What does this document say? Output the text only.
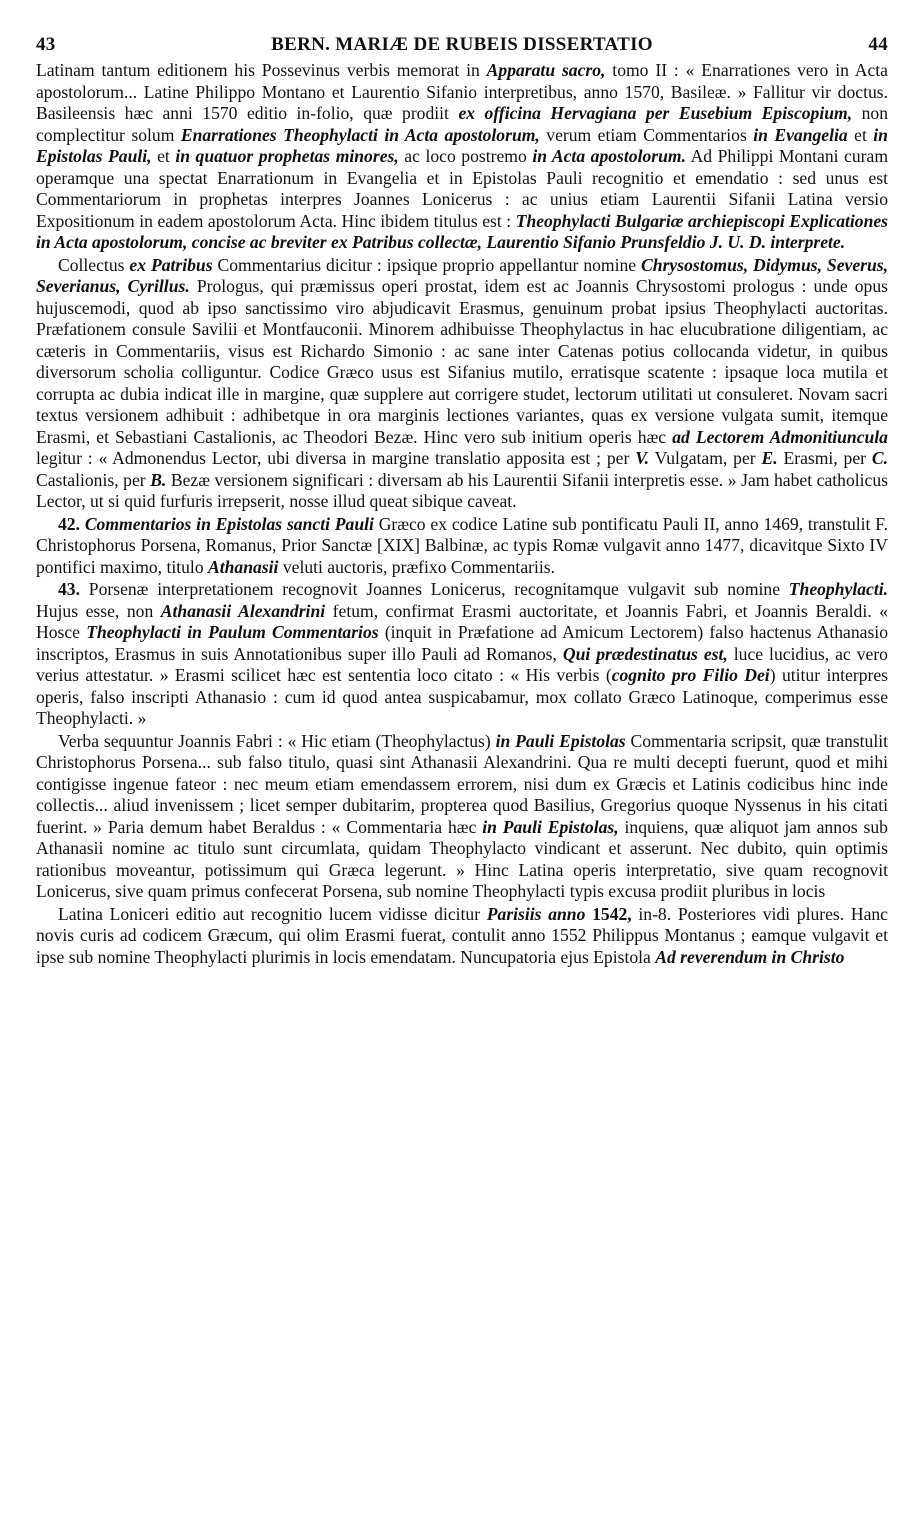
43	BERN. MARIÆ DE RUBEIS DISSERTATIO	44

Latinam tantum editionem his Possevinus verbis memorat in Apparatu sacro, tomo II : « Enarrationes vero in Acta apostolorum... Latine Philippo Montano et Laurentio Sifanio interpretibus, anno 1570, Basileæ. » Fallitur vir doctus. Basileensis hæc anni 1570 editio in-folio, quæ prodiit ex officina Hervagiana per Eusebium Episcopium, non complectitur solum Enarrationes Theophylacti in Acta apostolorum, verum etiam Commentarios in Evangelia et in Epistolas Pauli, et in quatuor prophetas minores, ac loco postremo in Acta apostolorum. Ad Philippi Montani curam operamque una spectat Enarrationum in Evangelia et in Epistolas Pauli recognitio et emendatio : sed unus est Commentariorum in prophetas interpres Joannes Lonicerus : ac unius etiam Laurentii Sifanii Latina versio Expositionum in eadem apostolorum Acta. Hinc ibidem titulus est : Theophylacti Bulgariæ archiepiscopi Explicationes in Acta apostolorum, concise ac breviter ex Patribus collectæ, Laurentio Sifanio Prunsfeldio J. U. D. interprete.

Collectus ex Patribus Commentarius dicitur : ipsique proprio appellantur nomine Chrysostomus, Didymus, Severus, Severianus, Cyrillus. Prologus, qui præmissus operi prostat, idem est ac Joannis Chrysostomi prologus : unde opus hujuscemodi, quod ab ipso sanctissimo viro abjudicavit Erasmus, genuinum probat ipsius Theophylacti auctoritas. Præfationem consule Savilii et Montfauconii. Minorem adhibuisse Theophylactus in hac elucubratione diligentiam, ac cæteris in Commentariis, visus est Richardo Simonio : ac sane inter Catenas potius collocanda videtur, in quibus diversorum scholia colliguntur. Codice Græco usus est Sifanius mutilo, erratisque scatente : ipsaque loca mutila et corrupta ac dubia indicat ille in margine, quæ supplere aut corrigere studet, lectorum utilitati ut consuleret. Novam sacri textus versionem adhibuit : adhibetque in ora marginis lectiones variantes, quas ex versione vulgata sumit, itemque Erasmi, et Sebastiani Castalionis, ac Theodori Bezæ. Hinc vero sub initium operis hæc ad Lectorem Admonitiuncula legitur : « Admonendus Lector, ubi diversa in margine translatio apposita est ; per V. Vulgatam, per E. Erasmi, per C. Castalionis, per B. Bezæ versionem significari : diversam ab his Laurentii Sifanii interpretis esse. » Jam habet catholicus Lector, ut si quid furfuris irrepserit, nosse illud queat sibique caveat.

42. Commentarios in Epistolas sancti Pauli Græco ex codice Latine sub pontificatu Pauli II, anno 1469, transtulit F. Christophorus Porsena, Romanus, Prior Sanctæ [XIX] Balbinæ, ac typis Romæ vulgavit anno 1477, dicavitque Sixto IV pontifici maximo, titulo Athanasii veluti auctoris, præfixo Commentariis.

43. Porsenæ interpretationem recognovit Joannes Lonicerus, recognitamque vulgavit sub nomine Theophylacti. Hujus esse, non Athanasii Alexandrini fetum, confirmat Erasmi auctoritate, et Joannis Fabri, et Joannis Beraldi. « Hosce Theophylacti in Paulum Commentarios (inquit in Præfatione ad Amicum Lectorem) falso hactenus Athanasio inscriptos, Erasmus in suis Annotationibus super illo Pauli ad Romanos, Qui prædestinatus est, luce lucidius, ac vero verius attestatur. » Erasmi scilicet hæc est sententia loco citato : « His verbis (cognito pro Filio Dei) utitur interpres operis, falso inscripti Athanasio : cum id quod antea suspicabamur, mox collato Græco Latinoque, comperimus esse Theophylacti. »

Verba sequuntur Joannis Fabri : « Hic etiam (Theophylactus) in Pauli Epistolas Commentaria scripsit, quæ transtulit Christophorus Porsena... sub falso titulo, quasi sint Athanasii Alexandrini. Qua re multi decepti fuerunt, quod et mihi contigisse ingenue fateor : nec meum etiam emendassem errorem, nisi dum ex Græcis et Latinis codicibus hinc inde collectis... aliud invenissem ; licet semper dubitarim, propterea quod Basilius, Gregorius quoque Nyssenus in his citati fuerint. » Paria demum habet Beraldus : « Commentaria hæc in Pauli Epistolas, inquiens, quæ aliquot jam annos sub Athanasii nomine ac titulo sunt circumlata, quidam Theophylacto vindicant et asserunt. Nec dubito, quin optimis rationibus moveantur, potissimum qui Græca legerunt. » Hinc Latina operis interpretatio, sive quam recognovit Lonicerus, sive quam primus confecerat Porsena, sub nomine Theophylacti typis excusa prodiit pluribus in locis

Latina Loniceri editio aut recognitio lucem vidisse dicitur Parisiis anno 1542, in-8. Posteriores vidi plures. Hanc novis curis ad codicem Græcum, qui olim Erasmi fuerat, contulit anno 1552 Philippus Montanus ; eamque vulgavit et ipse sub nomine Theophylacti plurimis in locis emendatam. Nuncupatoria ejus Epistola Ad reverendum in Christo
